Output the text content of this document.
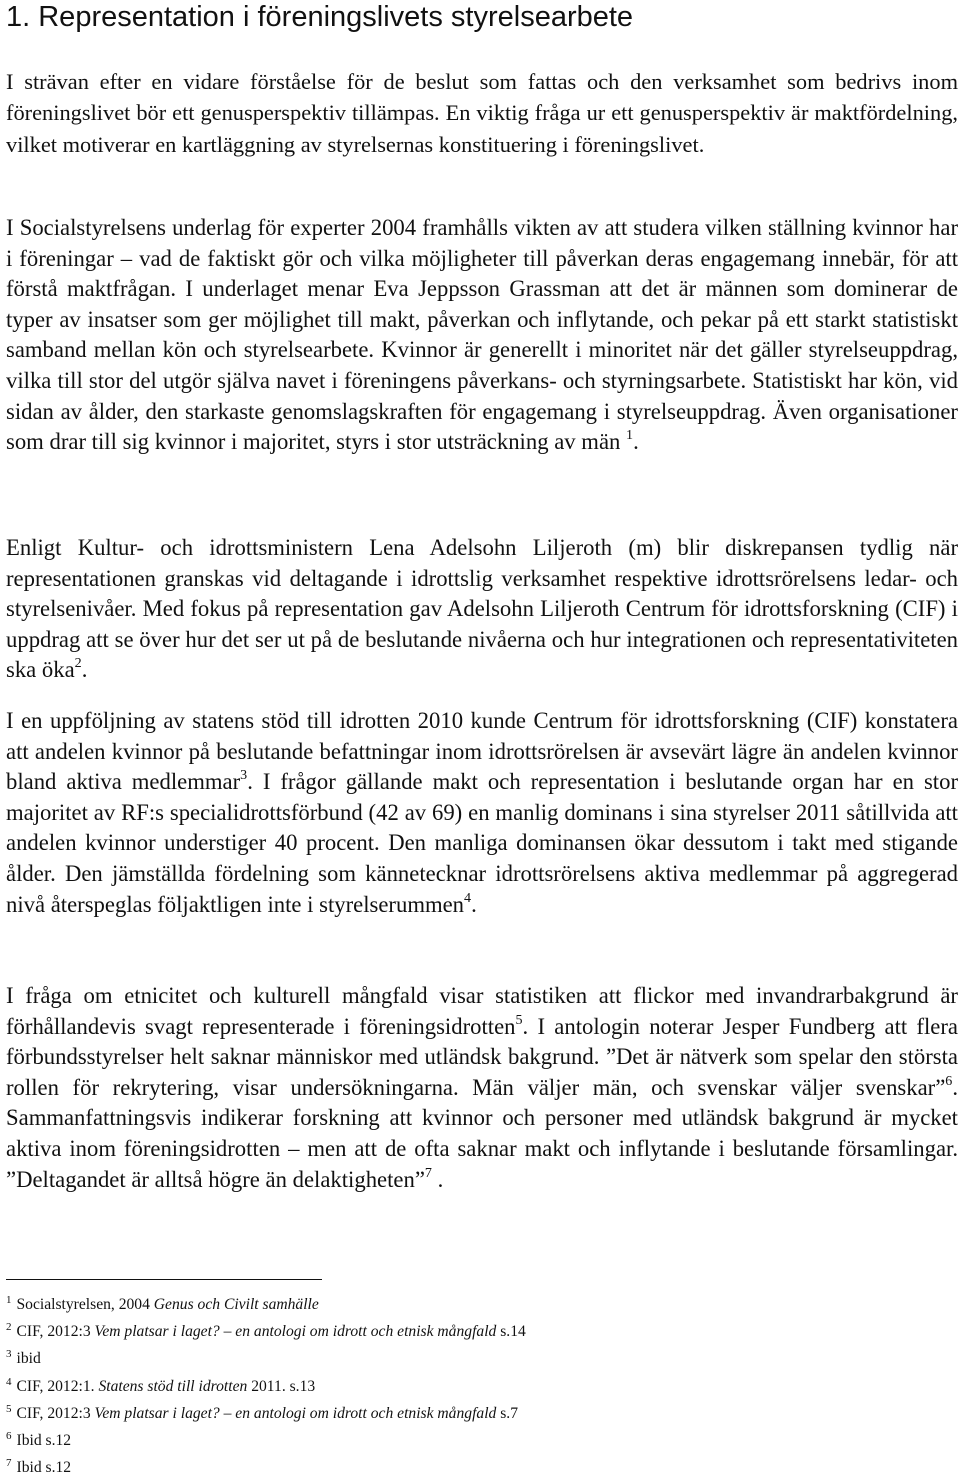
1. Representation i föreningslivets styrelsearbete

I strävan efter en vidare förståelse för de beslut som fattas och den verksamhet som bedrivs inom föreningslivet bör ett genusperspektiv tillämpas. En viktig fråga ur ett genusperspektiv är maktfördelning, vilket motiverar en kartläggning av styrelsernas konstituering i föreningslivet.

I Socialstyrelsens underlag för experter 2004 framhålls vikten av att studera vilken ställning kvinnor har i föreningar – vad de faktiskt gör och vilka möjligheter till påverkan deras engagemang innebär, för att förstå maktfrågan. I underlaget menar Eva Jeppsson Grassman att det är männen som dominerar de typer av insatser som ger möjlighet till makt, påverkan och inflytande, och pekar på ett starkt statistiskt samband mellan kön och styrelsearbete. Kvinnor är generellt i minoritet när det gäller styrelseuppdrag, vilka till stor del utgör själva navet i föreningens påverkans- och styrningsarbete. Statistiskt har kön, vid sidan av ålder, den starkaste genomslagskraften för engagemang i styrelseuppdrag. Även organisationer som drar till sig kvinnor i majoritet, styrs i stor utsträckning av män $^1$.

Enligt Kultur- och idrottsministern Lena Adelsohn Liljeroth (m) blir diskrepansen tydlig när representationen granskas vid deltagande i idrottslig verksamhet respektive idrottsrörelsens ledar- och styrelsenivåer. Med fokus på representation gav Adelsohn Liljeroth Centrum för idrottsforskning (CIF) i uppdrag att se över hur det ser ut på de beslutande nivåerna och hur integrationen och representativiteten ska öka$^2$.

I en uppföljning av statens stöd till idrotten 2010 kunde Centrum för idrottsforskning (CIF) konstatera att andelen kvinnor på beslutande befattningar inom idrottsrörelsen är avsevärt lägre än andelen kvinnor bland aktiva medlemmar$^3$. I frågor gällande makt och representation i beslutande organ har en stor majoritet av RF:s specialidrottsförbund (42 av 69) en manlig dominans i sina styrelser 2011 såtillvida att andelen kvinnor understiger 40 procent. Den manliga dominansen ökar dessutom i takt med stigande ålder. Den jämställda fördelning som kännetecknar idrottsrörelsens aktiva medlemmar på aggregerad nivå återspeglas följaktligen inte i styrelserummen$^4$.

I fråga om etnicitet och kulturell mångfald visar statistiken att flickor med invandrarbakgrund är förhållandevis svagt representerade i föreningsidrotten$^5$. I antologin noterar Jesper Fundberg att flera förbundsstyrelser helt saknar människor med utländsk bakgrund. ”Det är nätverk som spelar den största rollen för rekrytering, visar undersökningarna. Män väljer män, och svenskar väljer svenskar”$^6$. Sammanfattningsvis indikerar forskning att kvinnor och personer med utländsk bakgrund är mycket aktiva inom föreningsidrotten – men att de ofta saknar makt och inflytande i beslutande församlingar. ”Deltagandet är alltså högre än delaktigheten”$^7$ .

$^1$ Socialstyrelsen, 2004 Genus och Civilt samhälle
$^2$ CIF, 2012:3 Vem platsar i laget? – en antologi om idrott och etnisk mångfald s.14
$^3$ ibid
$^4$ CIF, 2012:1. Statens stöd till idrotten 2011. s.13
$^5$ CIF, 2012:3 Vem platsar i laget? – en antologi om idrott och etnisk mångfald s.7
$^6$ Ibid s.12
$^7$ Ibid s.12
